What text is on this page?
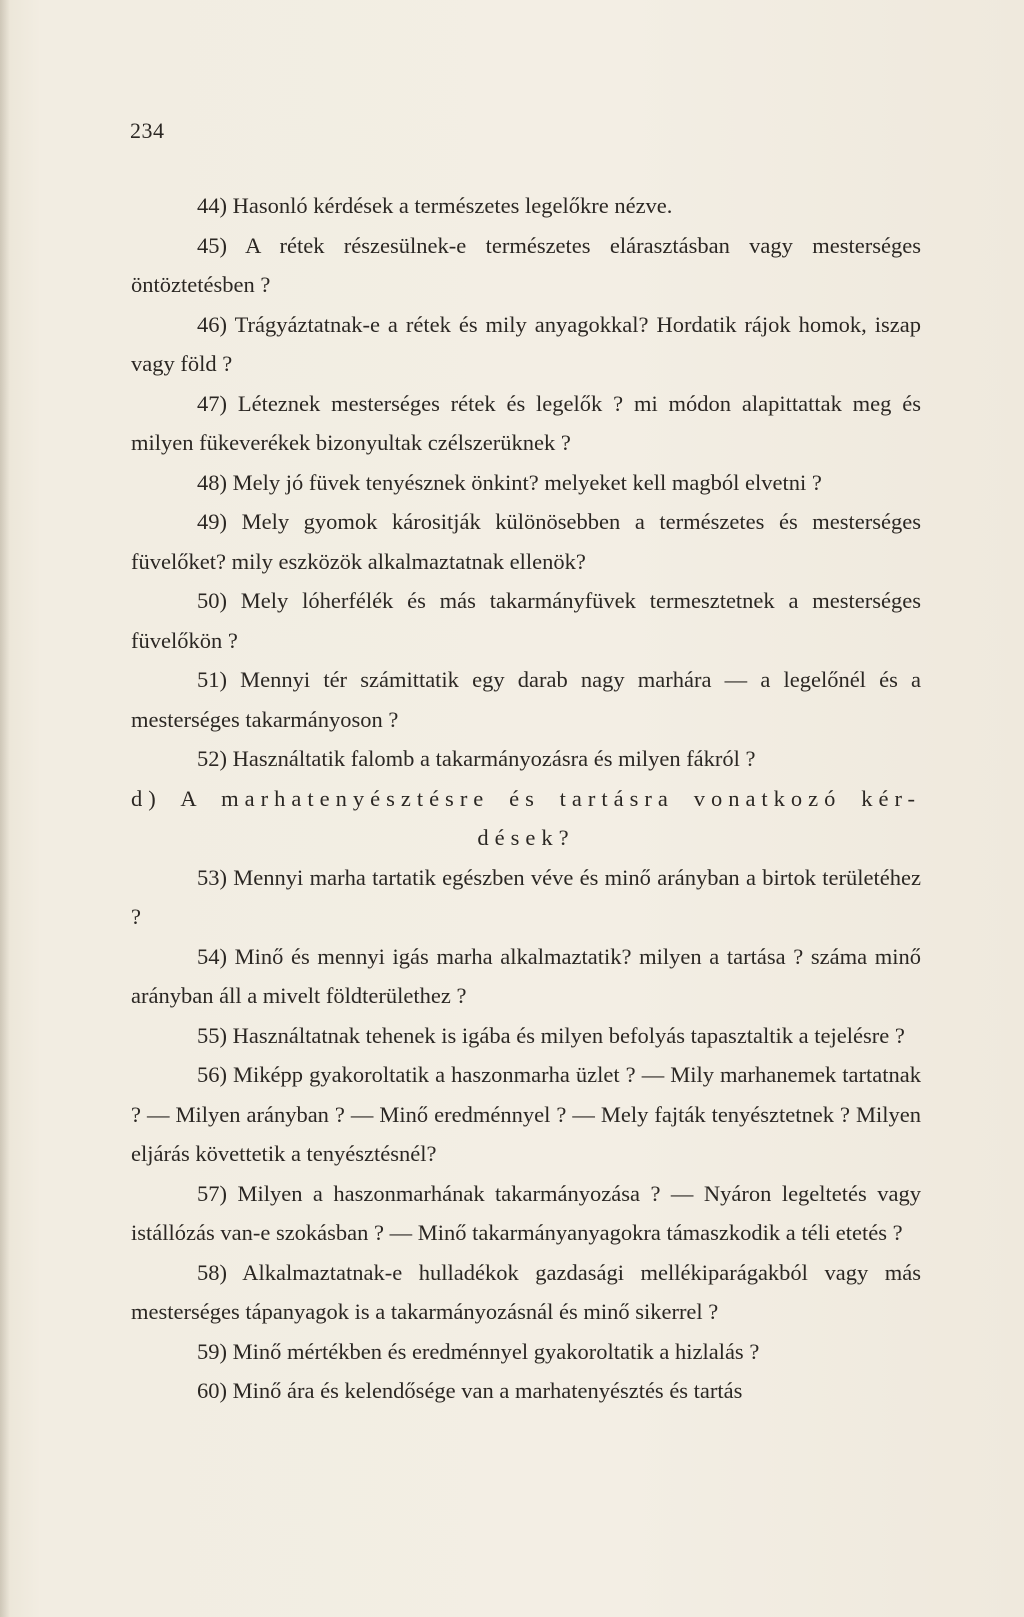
234

44) Hasonló kérdések a természetes legelőkre nézve.

45) A rétek részesülnek-e természetes elárasztásban vagy mesterséges öntöztetésben ?

46) Trágyáztatnak-e a rétek és mily anyagokkal? Hordatik rájok homok, iszap vagy föld ?

47) Léteznek mesterséges rétek és legelők ? mi módon alapittattak meg és milyen fükeverékek bizonyultak czélszerüknek ?

48) Mely jó füvek tenyésznek önkint? melyeket kell magból elvetni ?

49) Mely gyomok kárositják különösebben a természetes és mesterséges füvelőket? mily eszközök alkalmaztatnak ellenök?

50) Mely lóherfélék és más takarmányfüvek termesztetnek a mesterséges füvelőkön ?

51) Mennyi tér számittatik egy darab nagy marhára — a legelőnél és a mesterséges takarmányoson ?

52) Használtatik falomb a takarmányozásra és milyen fákról ?

d) A marhatenyésztésre és tartásra vonatkozó kér-

dések?

53) Mennyi marha tartatik egészben véve és minő arányban a birtok területéhez ?

54) Minő és mennyi igás marha alkalmaztatik? milyen a tartása ? száma minő arányban áll a mivelt földterülethez ?

55) Használtatnak tehenek is igába és milyen befolyás tapasztaltik a tejelésre ?

56) Miképp gyakoroltatik a haszonmarha üzlet ? — Mily marhanemek tartatnak ? — Milyen arányban ? — Minő eredménnyel ? — Mely fajták tenyésztetnek ? Milyen eljárás követtetik a tenyésztésnél?

57) Milyen a haszonmarhának takarmányozása ? — Nyáron legeltetés vagy istállózás van-e szokásban ? — Minő takarmányanyagokra támaszkodik a téli etetés ?

58) Alkalmaztatnak-e hulladékok gazdasági mellékiparágakból vagy más mesterséges tápanyagok is a takarmányozásnál és minő sikerrel ?

59) Minő mértékben és eredménnyel gyakoroltatik a hizlalás ?

60) Minő ára és kelendősége van a marhatenyésztés és tartás
